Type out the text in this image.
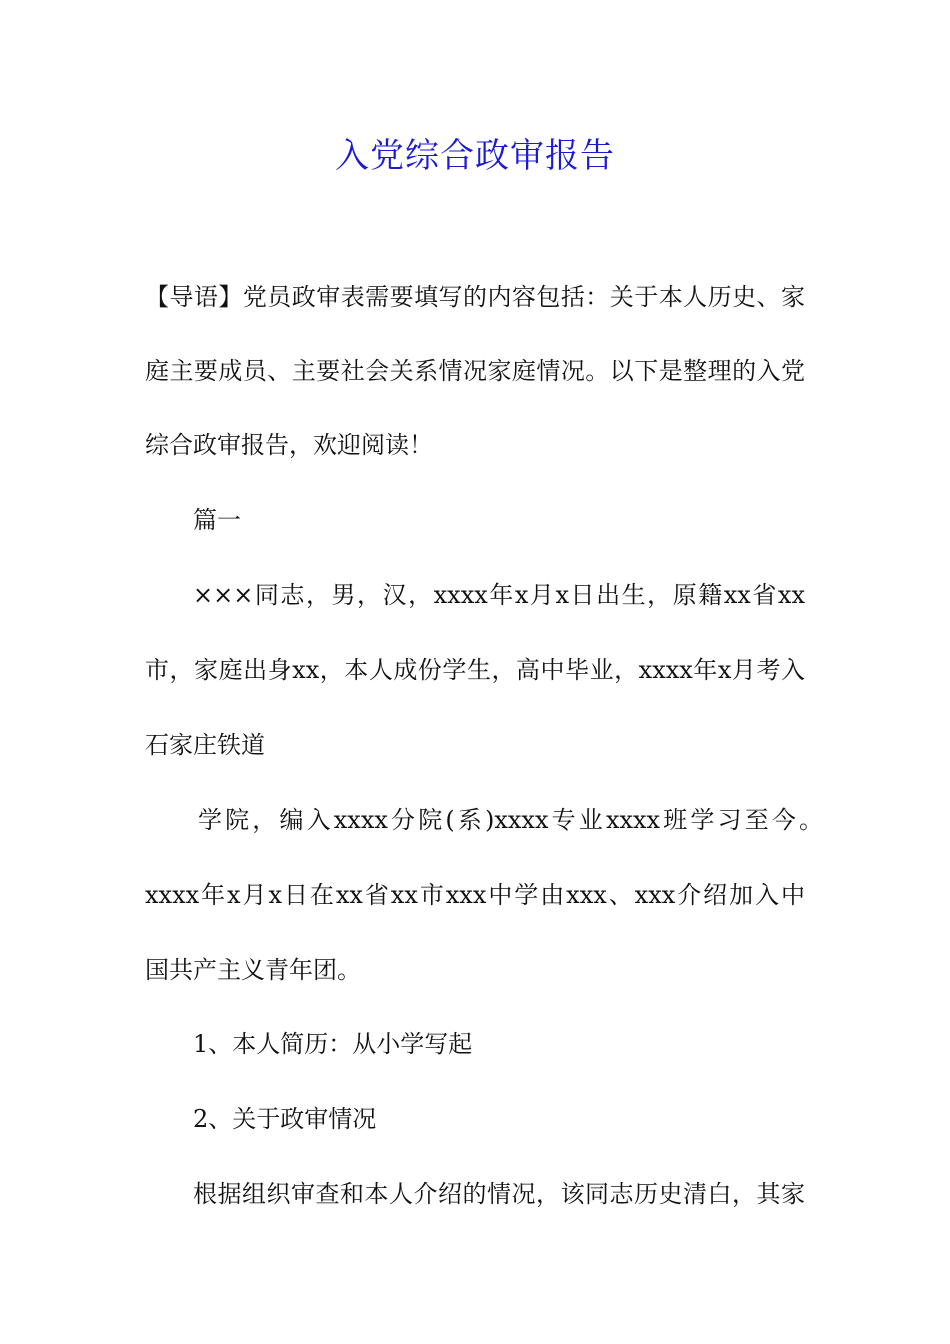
入党综合政审报告
【导语】党员政审表需要填写的内容包括：关于本人历史、家
庭主要成员、主要社会关系情况家庭情况。以下是整理的入党
综合政审报告，欢迎阅读！
篇一
×××同志，男，汉，xxxx年x月x日出生，原籍xx省xx
市，家庭出身xx，本人成份学生，高中毕业，xxxx年x月考入
石家庄铁道
学院，编入xxxx分院(系)xxxx专业xxxx班学习至今。
xxxx年x月x日在xx省xx市xxx中学由xxx、xxx介绍加入中
国共产主义青年团。
1、本人简历：从小学写起
2、关于政审情况
根据组织审查和本人介绍的情况，该同志历史清白，其家
